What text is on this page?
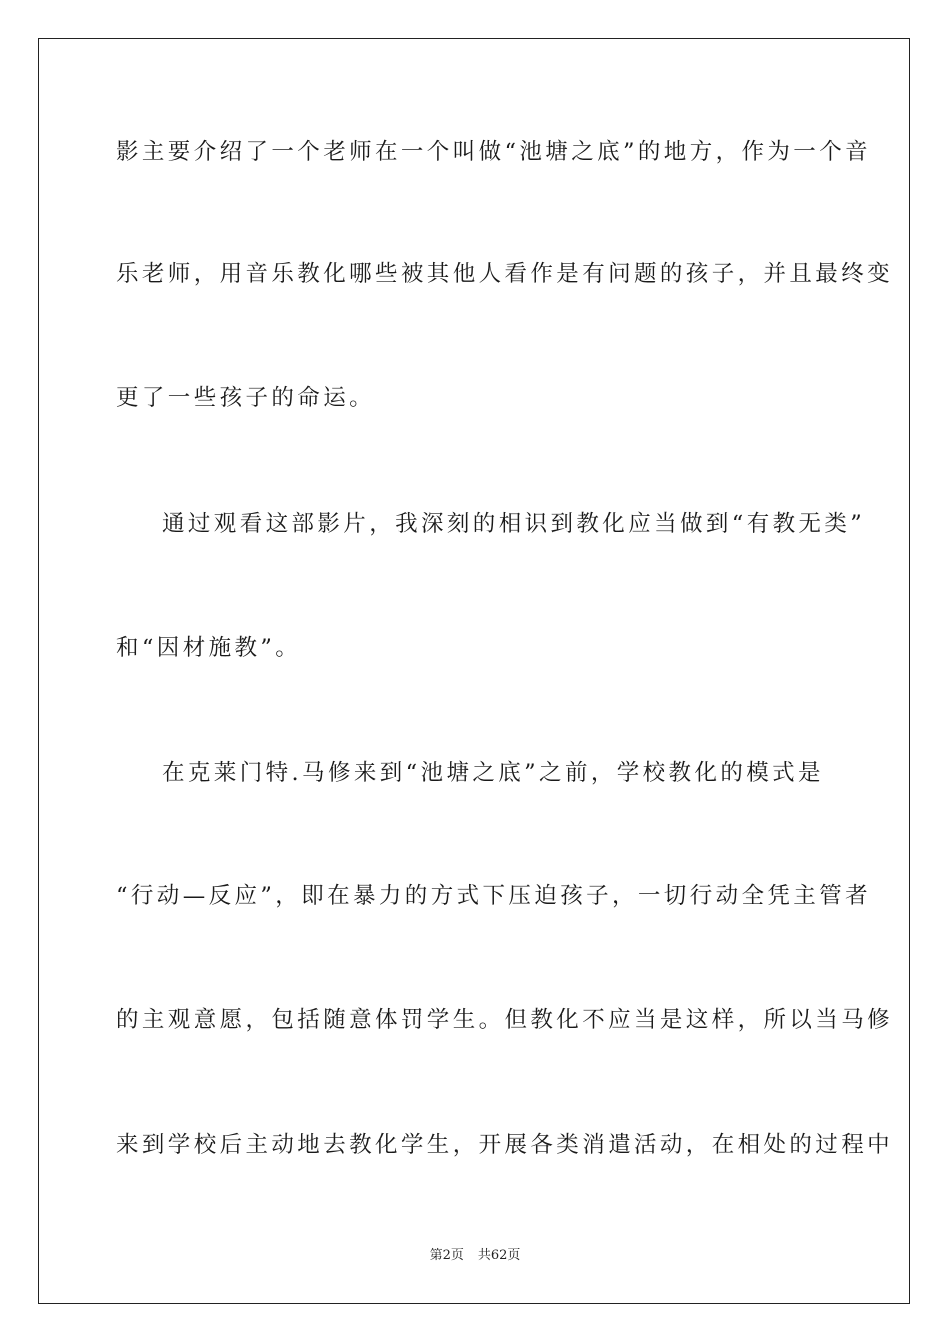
影主要介绍了一个老师在一个叫做“池塘之底”的地方，作为一个音
乐老师，用音乐教化哪些被其他人看作是有问题的孩子，并且最终变
更了一些孩子的命运。
通过观看这部影片，我深刻的相识到教化应当做到“有教无类”
和“因材施教”。
在克莱门特.马修来到“池塘之底”之前，学校教化的模式是
“行动—反应”，即在暴力的方式下压迫孩子，一切行动全凭主管者
的主观意愿，包括随意体罚学生。但教化不应当是这样，所以当马修
来到学校后主动地去教化学生，开展各类消遣活动，在相处的过程中
第2页 共62页
